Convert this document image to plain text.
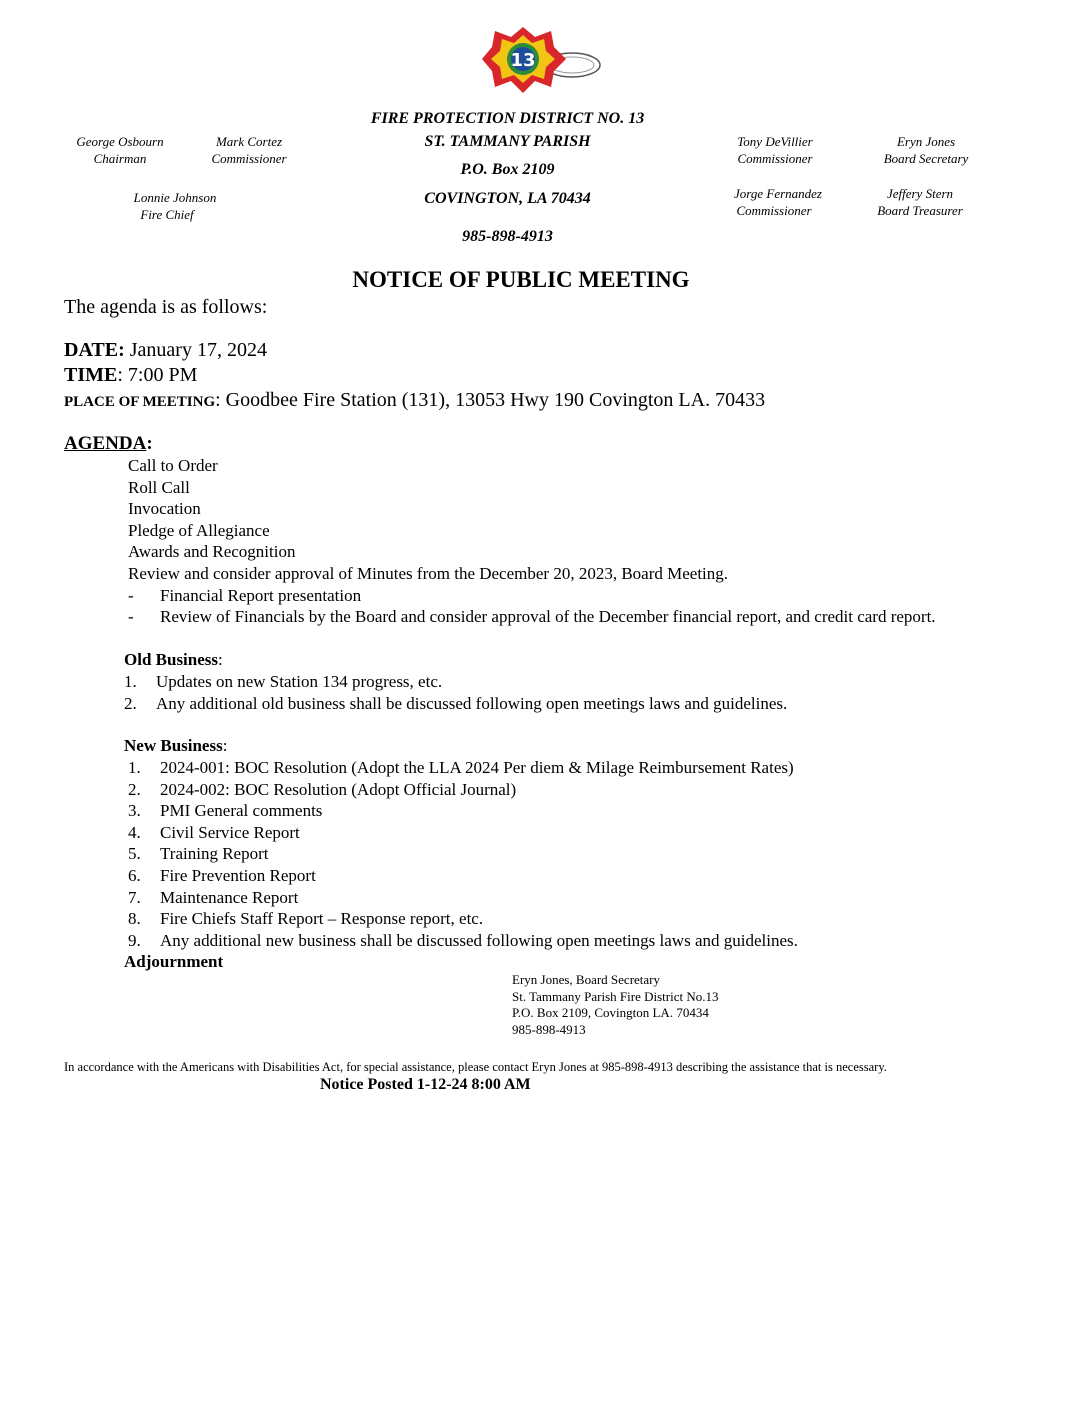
13
FIRE PROTECTION DISTRICT NO. 13
ST. TAMMANY PARISH
P.O. Box 2109
COVINGTON, LA 70434
985-898-4913
George Osbourn
Chairman
Mark Cortez
Commissioner
Lonnie Johnson
Fire Chief
Tony DeVillier
Commissioner
Eryn Jones
Board Secretary
Jorge Fernandez
Commissioner
Jeffery Stern
Board Treasurer
NOTICE OF PUBLIC MEETING
The agenda is as follows:
DATE: January 17, 2024
TIME: 7:00 PM
PLACE OF MEETING: Goodbee Fire Station (131), 13053 Hwy 190 Covington LA. 70433
AGENDA:
Call to Order
Roll Call
Invocation
Pledge of Allegiance
Awards and Recognition
Review and consider approval of Minutes from the December 20, 2023, Board Meeting.
- Financial Report presentation
- Review of Financials by the Board and consider approval of the December financial report, and credit card report.
Old Business:
1. Updates on new Station 134 progress, etc.
2. Any additional old business shall be discussed following open meetings laws and guidelines.
New Business:
1. 2024-001: BOC Resolution (Adopt the LLA 2024 Per diem & Milage Reimbursement Rates)
2. 2024-002: BOC Resolution (Adopt Official Journal)
3. PMI General comments
4. Civil Service Report
5. Training Report
6. Fire Prevention Report
7. Maintenance Report
8. Fire Chiefs Staff Report – Response report, etc.
9. Any additional new business shall be discussed following open meetings laws and guidelines.
Adjournment
Eryn Jones, Board Secretary
St. Tammany Parish Fire District No.13
P.O. Box 2109, Covington LA. 70434
985-898-4913
In accordance with the Americans with Disabilities Act, for special assistance, please contact Eryn Jones at 985-898-4913 describing the assistance that is necessary.
Notice Posted 1-12-24 8:00 AM
